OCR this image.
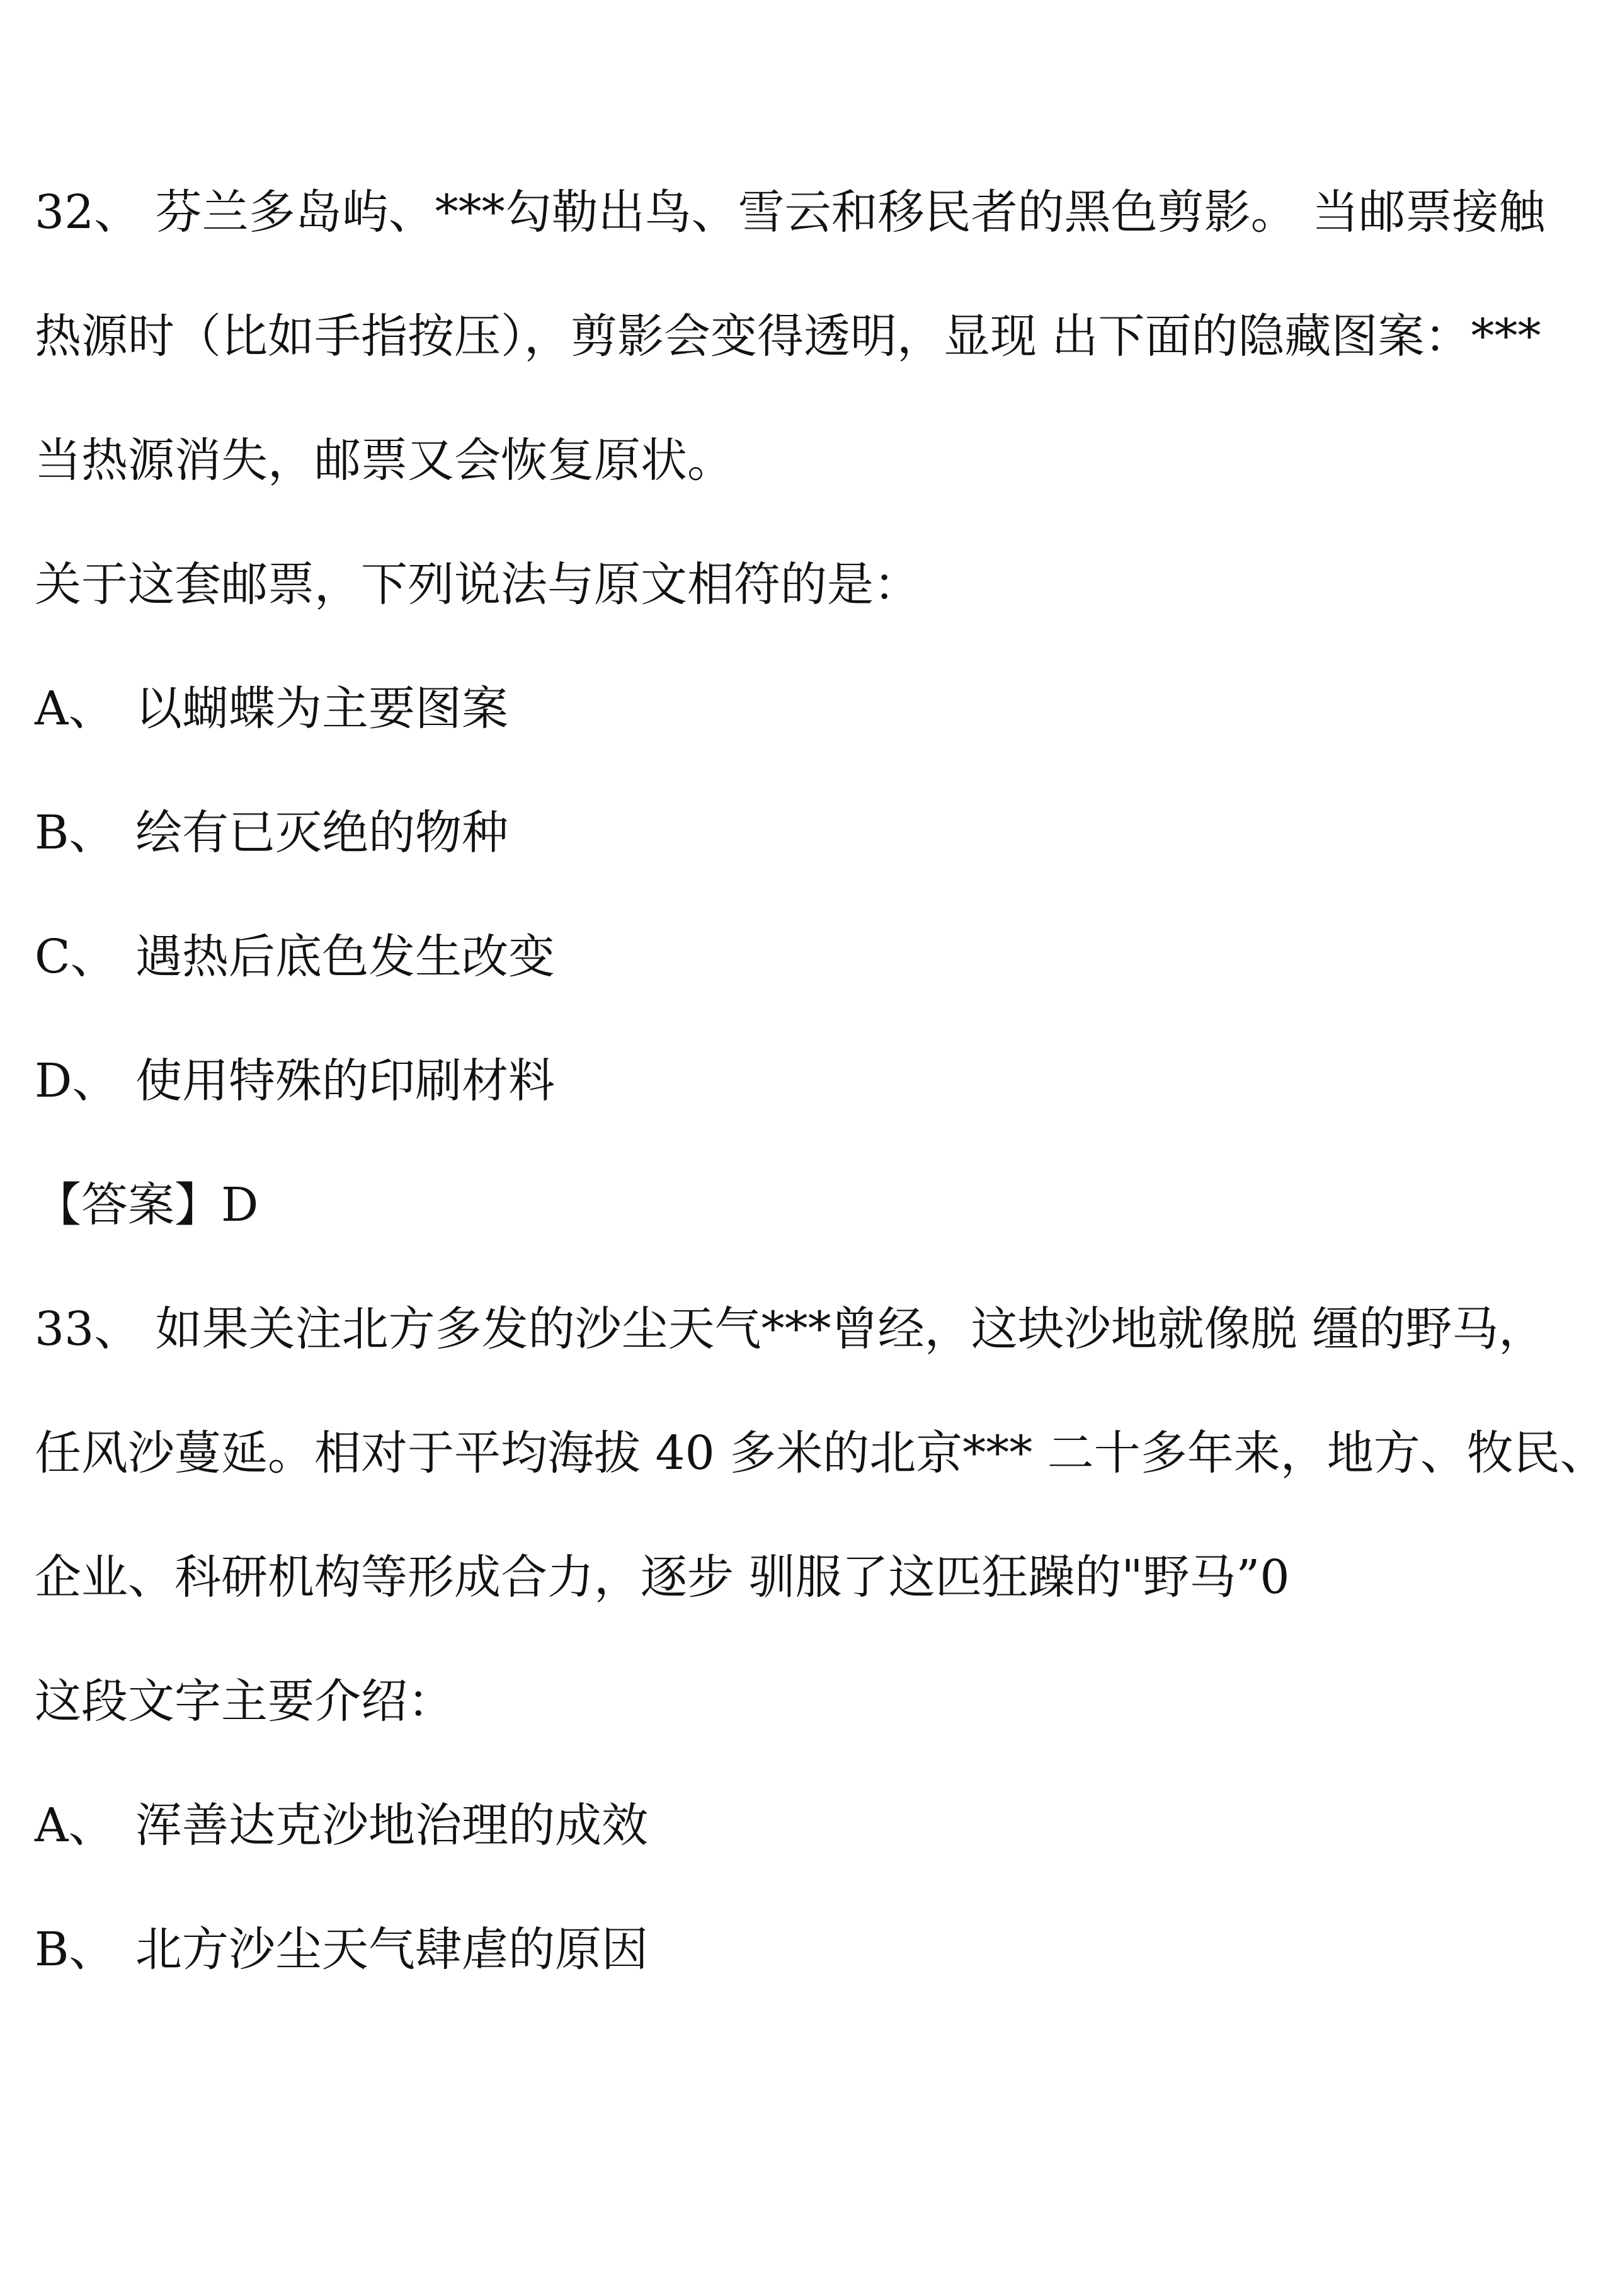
32、 芬兰多岛屿、***勾勒出鸟、雪云和移民者的黑色剪影。 当邮票接触
热源时（比如手指按压），剪影会变得透明，显现 出下面的隐藏图案：***
当热源消失，邮票又会恢复原状。
关于这套邮票，下列说法与原文相符的是：
A、 以蝴蝶为主要图案
B、 绘有已灭绝的物种
C、 遇热后底色发生改变
D、 使用特殊的印刷材料
【答案】D
33、 如果关注北方多发的沙尘天气***曾经，这块沙地就像脱 缰的野马，
任风沙蔓延。相对于平均海拔 40 多米的北京*** 二十多年来，地方、牧民、
企业、科研机构等形成合力，逐步 驯服了这匹狂躁的"野马”0
这段文字主要介绍：
A、 浑善达克沙地治理的成效
B、 北方沙尘天气肆虐的原因
